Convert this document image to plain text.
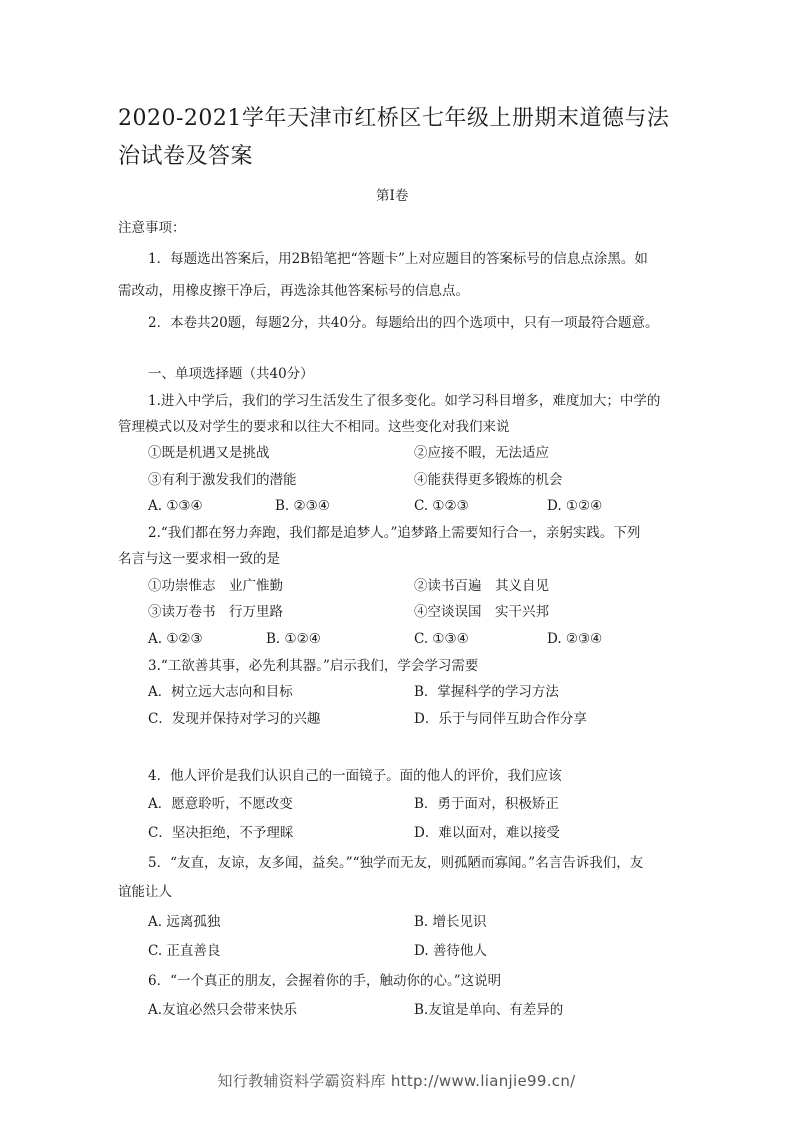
2020-2021学年天津市红桥区七年级上册期末道德与法治试卷及答案
第Ⅰ卷
注意事项：
1．每题选出答案后，用2B铅笔把“答题卡”上对应题目的答案标号的信息点涂黑。如
需改动，用橡皮擦干净后，再选涂其他答案标号的信息点。
2．本卷共20题，每题2分，共40分。每题给出的四个选项中，只有一项最符合题意。
一、单项选择题（共40分）
1.进入中学后，我们的学习生活发生了很多变化。如学习科目增多，难度加大；中学的
管理模式以及对学生的要求和以往大不相同。这些变化对我们来说
①既是机遇又是挑战	②应接不暇，无法适应
③有利于激发我们的潜能	④能获得更多锻炼的机会
A. ①③④	B. ②③④	C. ①②③	D. ①②④
2.“我们都在努力奔跑，我们都是追梦人。”追梦路上需要知行合一，亲躬实践。下列
名言与这一要求相一致的是
①功崇惟志　业广惟勤	②读书百遍　其义自见
③读万卷书　行万里路	④空谈误国　实干兴邦
A. ①②③	B. ①②④	C. ①③④	D. ②③④
3.“工欲善其事，必先利其器。”启示我们，学会学习需要
A．树立远大志向和目标	B．掌握科学的学习方法
C．发现并保持对学习的兴趣	D．乐于与同伴互助合作分享
4．他人评价是我们认识自己的一面镜子。面的他人的评价，我们应该
A．愿意聆听，不愿改变	B．勇于面对，积极矫正
C．坚决拒绝，不予理睬	D．难以面对，难以接受
5．“友直，友谅，友多闻，益矣。”“独学而无友，则孤陋而寡闻。”名言告诉我们，友
谊能让人
A. 远离孤独	B. 增长见识
C. 正直善良	D. 善待他人
6．“一个真正的朋友，会握着你的手，触动你的心。”这说明
A.友谊必然只会带来快乐	B.友谊是单向、有差异的
知行教辅资料学霸资料库 http://www.lianjie99.cn/
